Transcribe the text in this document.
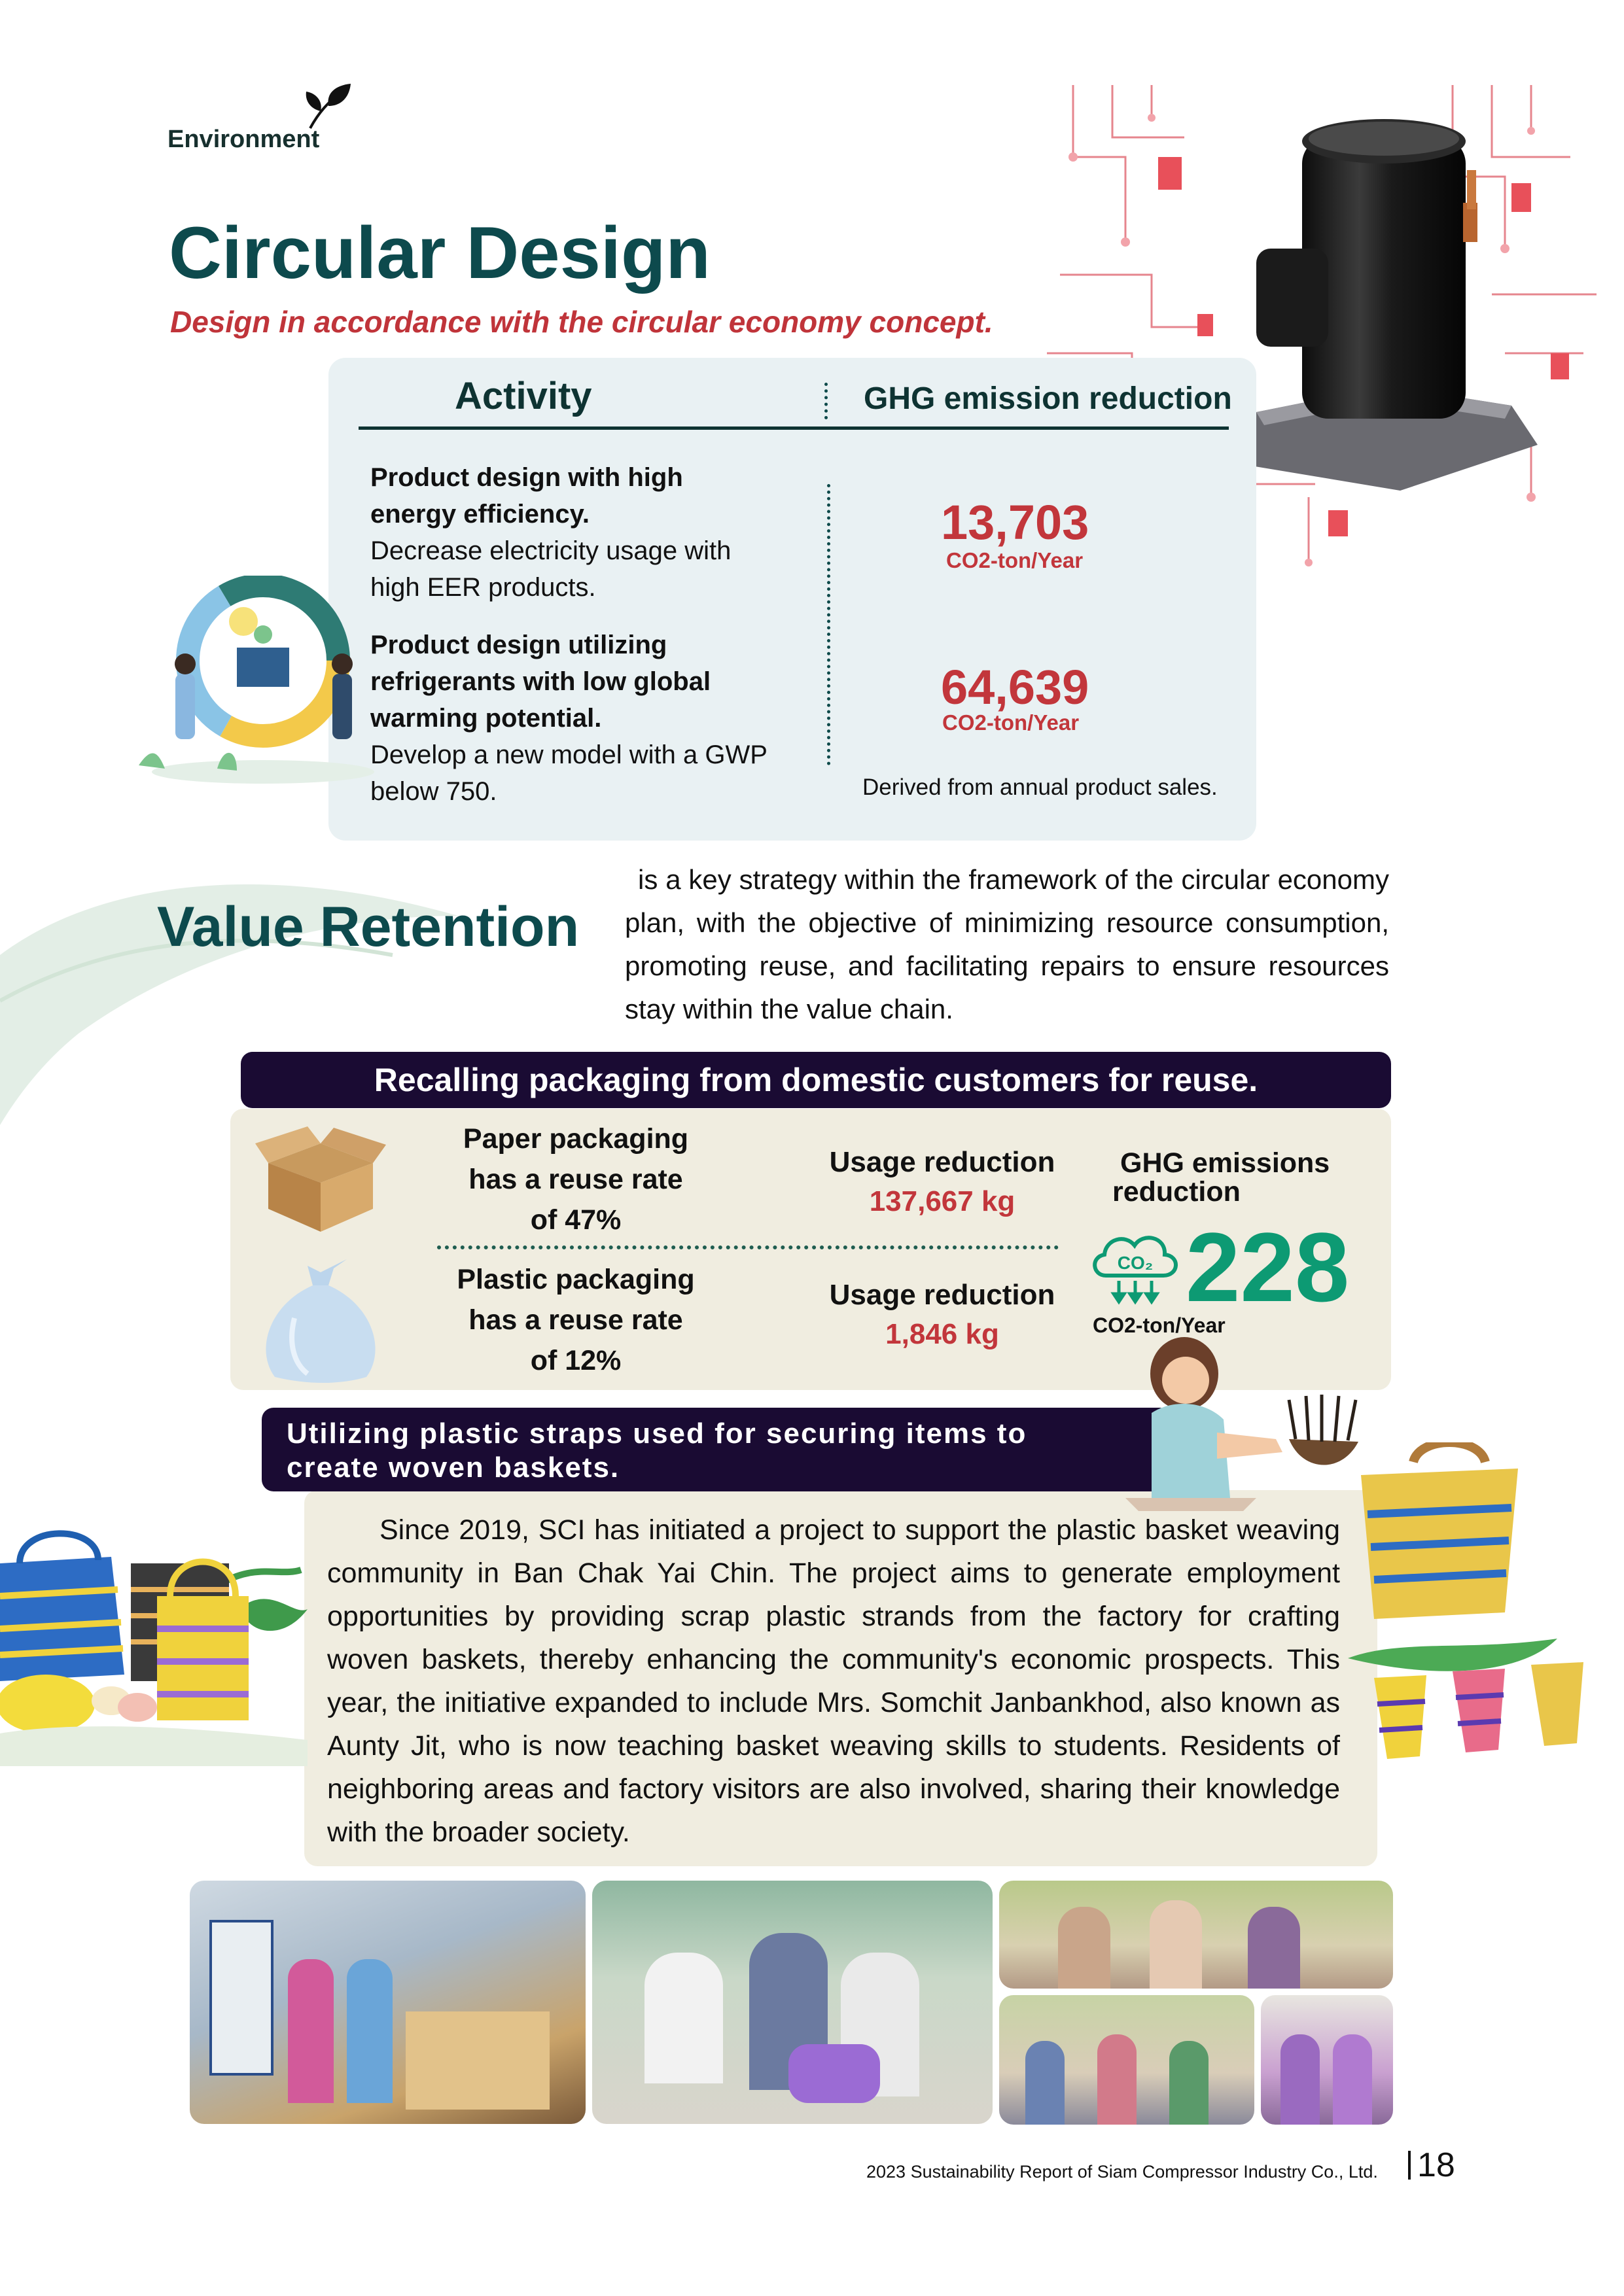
Environment
Circular Design
Design in accordance with the circular economy concept.
Activity	GHG emission reduction
Product design with high
energy efficiency.
Decrease electricity usage with
high EER products.
13,703
CO2-ton/Year
Product design utilizing
refrigerants with low global
warming potential.
Develop a new model with a GWP
below 750.
64,639
CO2-ton/Year
Derived from annual product sales.
Value Retention
is a key strategy within the framework of the circular economy plan, with the objective of minimizing resource consumption, promoting reuse, and facilitating repairs to ensure resources stay within the value chain.
Recalling packaging from domestic customers for reuse.
Paper packaging
has a reuse rate
of 47%
Plastic packaging
has a reuse rate
of 12%
Usage reduction
137,667 kg
Usage reduction
1,846 kg
GHG emissions
reduction
CO₂ 228
CO2-ton/Year
Utilizing plastic straps used for securing items to
create woven baskets.
Since 2019, SCI has initiated a project to support the plastic basket weaving community in Ban Chak Yai Chin. The project aims to generate employment opportunities by providing scrap plastic strands from the factory for crafting woven baskets, thereby enhancing the community's economic prospects. This year, the initiative expanded to include Mrs. Somchit Janbankhod, also known as Aunty Jit, who is now teaching basket weaving skills to students. Residents of neighboring areas and factory visitors are also involved, sharing their knowledge with the broader society.
2023 Sustainability Report of Siam Compressor Industry Co., Ltd. 18
